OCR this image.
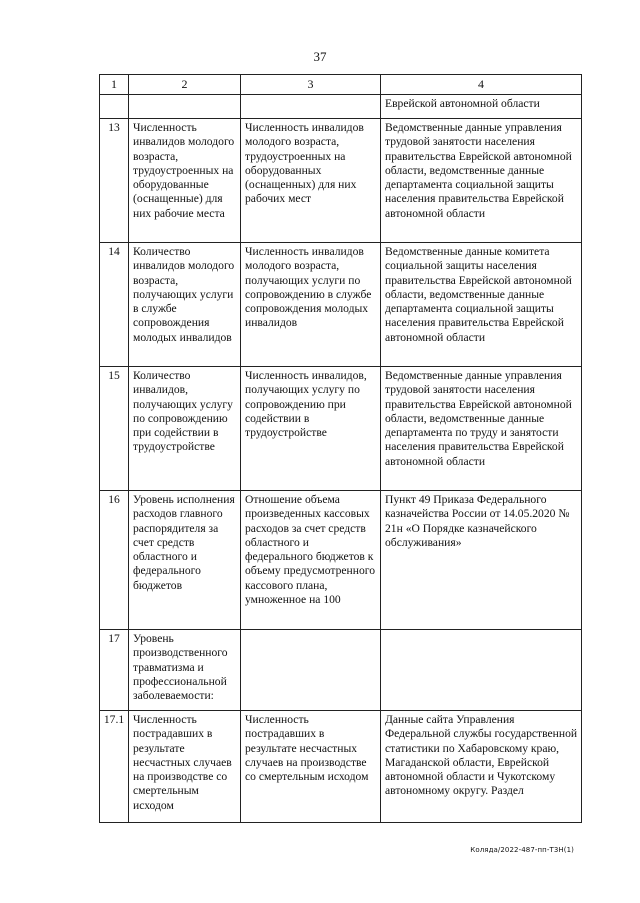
37
1	2	3	4
			Еврейской автономной области
13	Численность инвалидов молодого возраста, трудоустроенных на оборудованные (оснащенные) для них рабочие места	Численность инвалидов молодого возраста, трудоустроенных на оборудованных (оснащенных) для них рабочих мест	Ведомственные данные управления трудовой занятости населения правительства Еврейской автономной области, ведомственные данные департамента социальной защиты населения правительства Еврейской автономной области
14	Количество инвалидов молодого возраста, получающих услуги в службе сопровождения молодых инвалидов	Численность инвалидов молодого возраста, получающих услуги по сопровождению в службе сопровождения молодых инвалидов	Ведомственные данные комитета социальной защиты населения правительства Еврейской автономной области, ведомственные данные департамента социальной защиты населения правительства Еврейской автономной области
15	Количество инвалидов, получающих услугу по сопровождению при содействии в трудоустройстве	Численность инвалидов, получающих услугу по сопровождению при содействии в трудоустройстве	Ведомственные данные управления трудовой занятости населения правительства Еврейской автономной области, ведомственные данные департамента по труду и занятости населения правительства Еврейской автономной области
16	Уровень исполнения расходов главного распорядителя за счет средств областного и федерального бюджетов	Отношение объема произведенных кассовых расходов за счет средств областного и федерального бюджетов к объему предусмотренного кассового плана, умноженное на 100	Пункт 49 Приказа Федерального казначейства России от 14.05.2020 № 21н «О Порядке казначейского обслуживания»
17	Уровень производственного травматизма и профессиональной заболеваемости:		
17.1	Численность пострадавших в результате несчастных случаев на производстве со смертельным исходом	Численность пострадавших в результате несчастных случаев на производстве со смертельным исходом	Данные сайта Управления Федеральной службы государственной статистики по Хабаровскому краю, Магаданской области, Еврейской автономной области и Чукотскому автономному округу. Раздел
Коляда/2022-487-пп-Т3Н(1)
